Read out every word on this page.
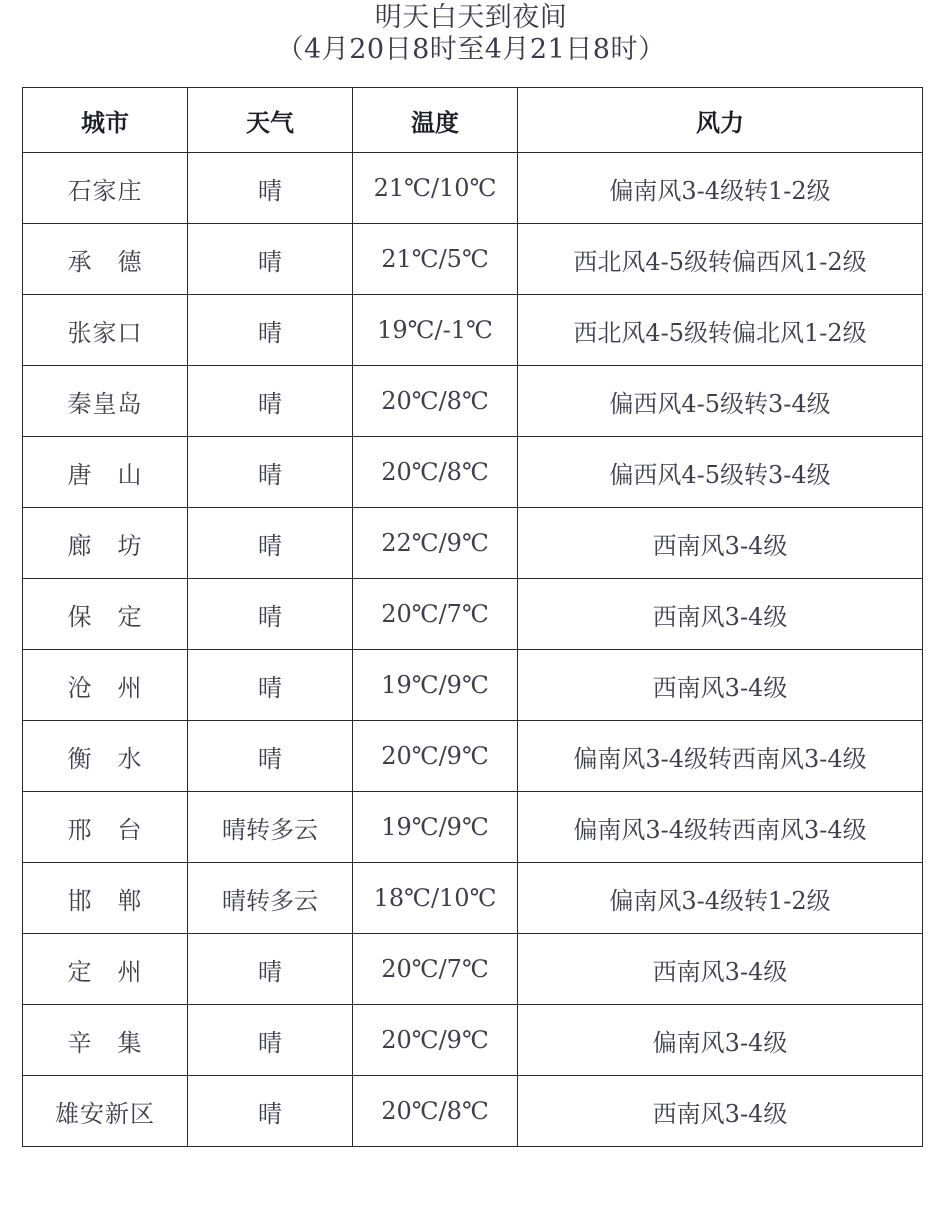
明天白天到夜间
（4月20日8时至4月21日8时）
城市	天气	温度	风力
石家庄	晴	21℃/10℃	偏南风3-4级转1-2级
承　德	晴	21℃/5℃	西北风4-5级转偏西风1-2级
张家口	晴	19℃/-1℃	西北风4-5级转偏北风1-2级
秦皇岛	晴	20℃/8℃	偏西风4-5级转3-4级
唐　山	晴	20℃/8℃	偏西风4-5级转3-4级
廊　坊	晴	22℃/9℃	西南风3-4级
保　定	晴	20℃/7℃	西南风3-4级
沧　州	晴	19℃/9℃	西南风3-4级
衡　水	晴	20℃/9℃	偏南风3-4级转西南风3-4级
邢　台	晴转多云	19℃/9℃	偏南风3-4级转西南风3-4级
邯　郸	晴转多云	18℃/10℃	偏南风3-4级转1-2级
定　州	晴	20℃/7℃	西南风3-4级
辛　集	晴	20℃/9℃	偏南风3-4级
雄安新区	晴	20℃/8℃	西南风3-4级
